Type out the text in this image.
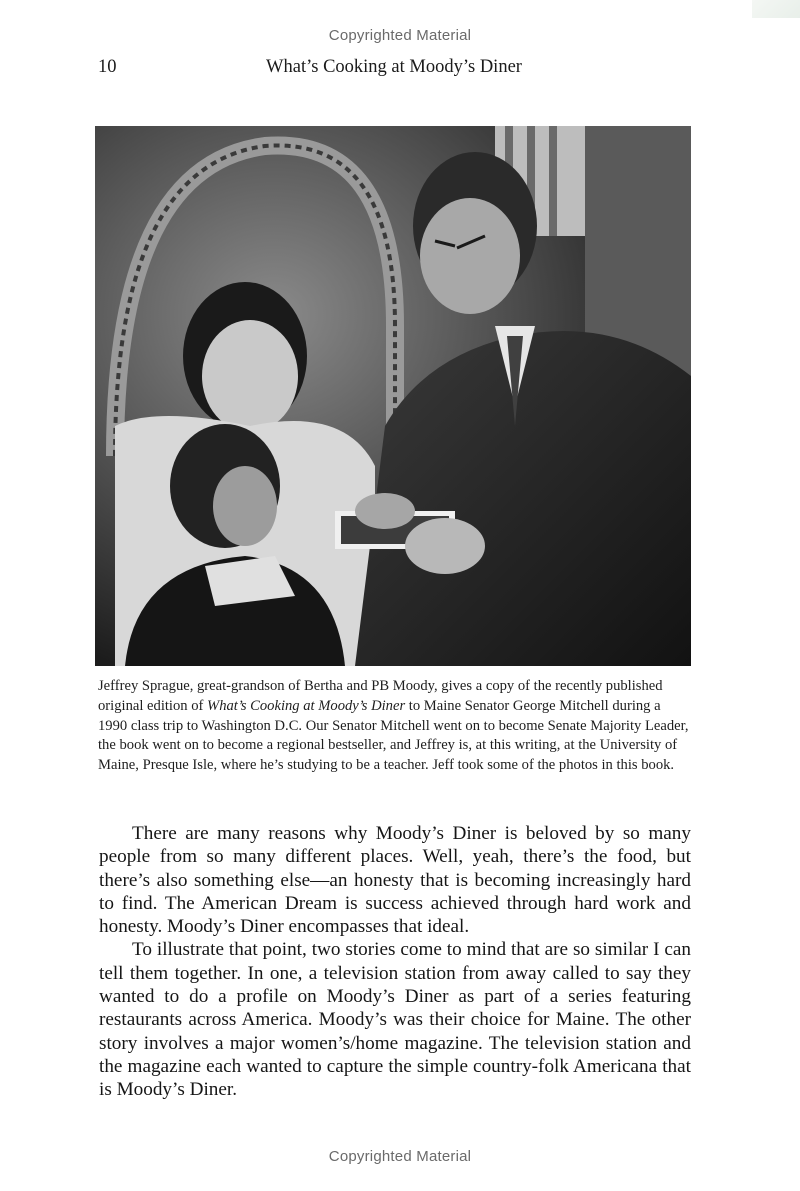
Copyrighted Material
10	What’s Cooking at Moody’s Diner
Jeffrey Sprague, great-grandson of Bertha and PB Moody, gives a copy of the recently published original edition of What’s Cooking at Moody’s Diner to Maine Senator George Mitchell during a 1990 class trip to Washington D.C. Our Senator Mitchell went on to become Senate Majority Leader, the book went on to become a regional bestseller, and Jeffrey is, at this writing, at the University of Maine, Presque Isle, where he’s studying to be a teacher. Jeff took some of the photos in this book.

There are many reasons why Moody’s Diner is beloved by so many people from so many different places. Well, yeah, there’s the food, but there’s also something else—an honesty that is becoming increasingly hard to find. The American Dream is success achieved through hard work and honesty. Moody’s Diner encompasses that ideal.

To illustrate that point, two stories come to mind that are so similar I can tell them together. In one, a television station from away called to say they wanted to do a profile on Moody’s Diner as part of a series featuring restaurants across America. Moody’s was their choice for Maine. The other story involves a major women’s/home magazine. The television station and the magazine each wanted to capture the simple country-folk Americana that is Moody’s Diner.

Copyrighted Material
